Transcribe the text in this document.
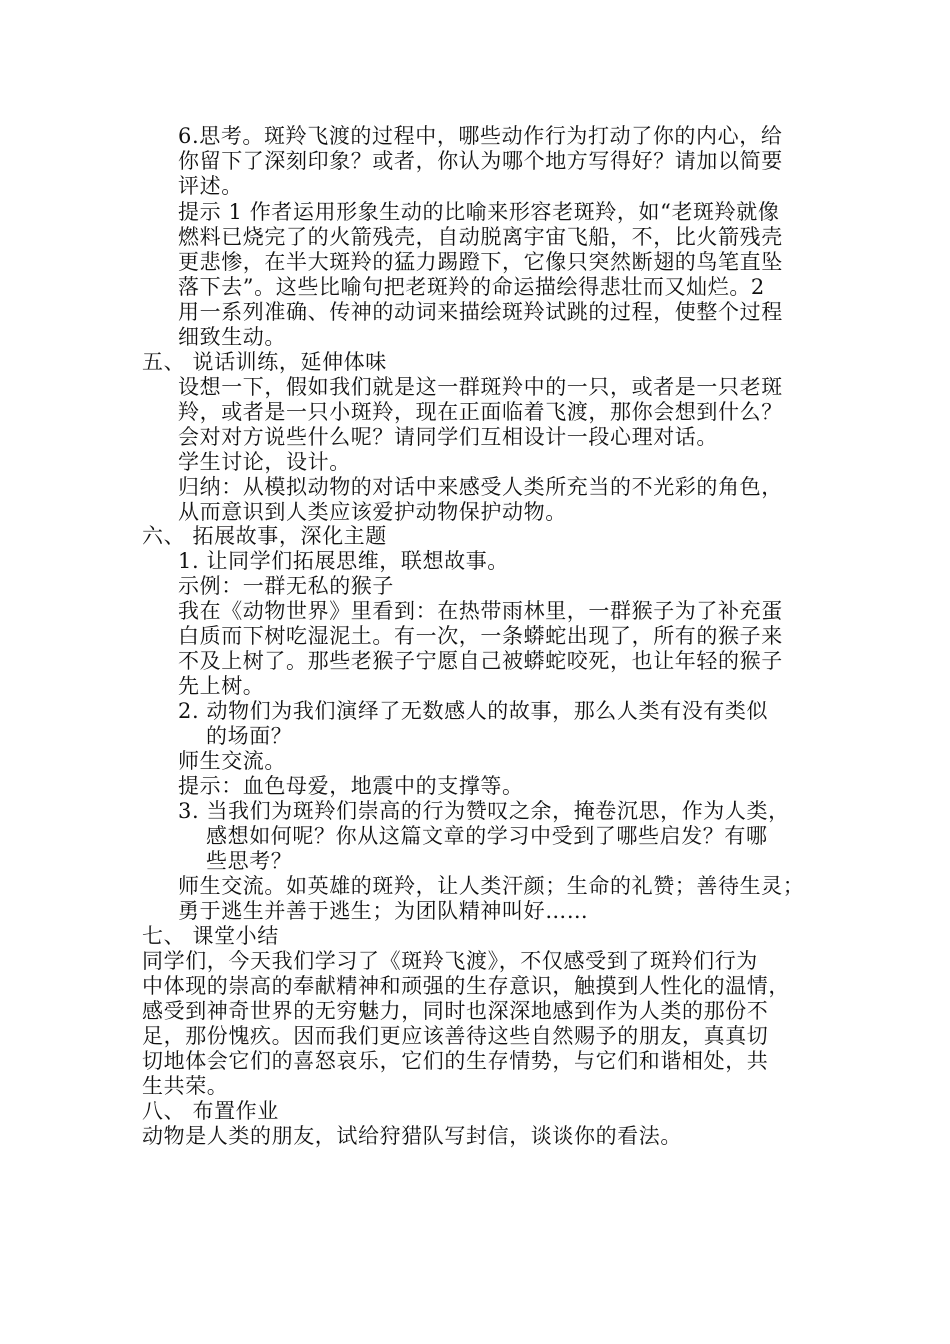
6.思考。斑羚飞渡的过程中，哪些动作行为打动了你的内心，给

你留下了深刻印象？或者，你认为哪个地方写得好？请加以简要

评述。

提示 1 作者运用形象生动的比喻来形容老斑羚，如“老斑羚就像

燃料已烧完了的火箭残壳，自动脱离宇宙飞船，不，比火箭残壳

更悲惨，在半大斑羚的猛力踢蹬下，它像只突然断翅的鸟笔直坠

落下去”。这些比喻句把老斑羚的命运描绘得悲壮而又灿烂。2

用一系列准确、传神的动词来描绘斑羚试跳的过程，使整个过程

细致生动。

五、 说话训练，延伸体味

设想一下，假如我们就是这一群斑羚中的一只，或者是一只老斑

羚，或者是一只小斑羚，现在正面临着飞渡，那你会想到什么？

会对对方说些什么呢？请同学们互相设计一段心理对话。

学生讨论，设计。

归纳：从模拟动物的对话中来感受人类所充当的不光彩的角色，

从而意识到人类应该爱护动物保护动物。

六、 拓展故事，深化主题

1. 让同学们拓展思维，联想故事。

示例：一群无私的猴子

我在《动物世界》里看到：在热带雨林里，一群猴子为了补充蛋

白质而下树吃湿泥土。有一次，一条蟒蛇出现了，所有的猴子来

不及上树了。那些老猴子宁愿自己被蟒蛇咬死，也让年轻的猴子

先上树。

2. 动物们为我们演绎了无数感人的故事，那么人类有没有类似

的场面？

师生交流。

提示：血色母爱，地震中的支撑等。

3. 当我们为斑羚们崇高的行为赞叹之余，掩卷沉思，作为人类，

感想如何呢？你从这篇文章的学习中受到了哪些启发？有哪

些思考？

师生交流。如英雄的斑羚，让人类汗颜；生命的礼赞；善待生灵；

勇于逃生并善于逃生；为团队精神叫好……

七、 课堂小结

同学们，今天我们学习了《斑羚飞渡》，不仅感受到了斑羚们行为

中体现的崇高的奉献精神和顽强的生存意识，触摸到人性化的温情，

感受到神奇世界的无穷魅力，同时也深深地感到作为人类的那份不

足，那份愧疚。因而我们更应该善待这些自然赐予的朋友，真真切

切地体会它们的喜怒哀乐，它们的生存情势，与它们和谐相处，共

生共荣。

八、 布置作业

动物是人类的朋友，试给狩猎队写封信，谈谈你的看法。
